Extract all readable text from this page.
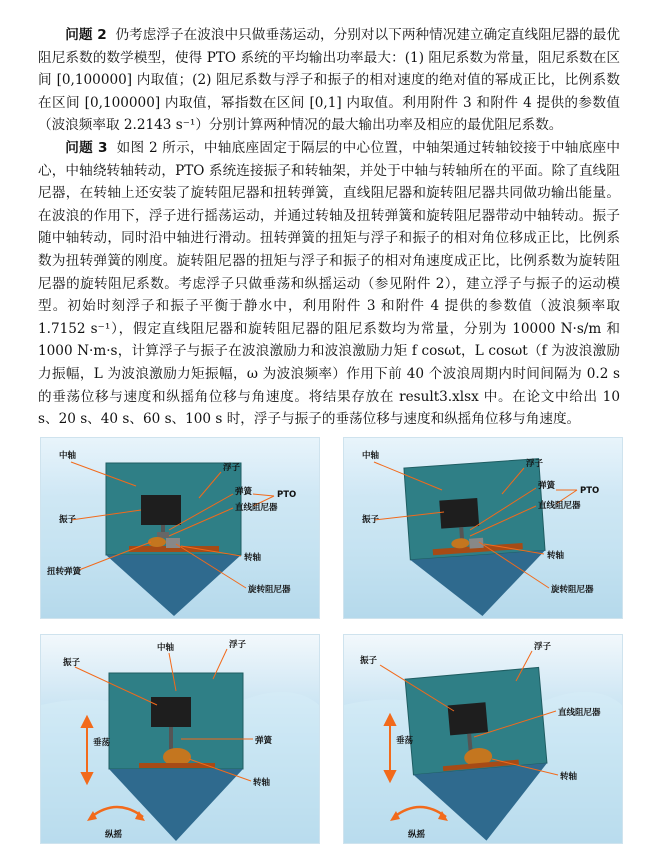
问题 2 仍考虑浮子在波浪中只做垂荡运动，分别对以下两种情况建立确定直线阻尼器的最优阻尼系数的数学模型，使得 PTO 系统的平均输出功率最大：(1) 阻尼系数为常量，阻尼系数在区间 [0,100000] 内取值；(2) 阻尼系数与浮子和振子的相对速度的绝对值的幂成正比，比例系数在区间 [0,100000] 内取值，幂指数在区间 [0,1] 内取值。利用附件 3 和附件 4 提供的参数值（波浪频率取 2.2143 s⁻¹）分别计算两种情况的最大输出功率及相应的最优阻尼系数。

问题 3 如图 2 所示，中轴底座固定于隔层的中心位置，中轴架通过转轴铰接于中轴底座中心，中轴绕转轴转动，PTO 系统连接振子和转轴架，并处于中轴与转轴所在的平面。除了直线阻尼器，在转轴上还安装了旋转阻尼器和扭转弹簧，直线阻尼器和旋转阻尼器共同做功输出能量。在波浪的作用下，浮子进行摇荡运动，并通过转轴及扭转弹簧和旋转阻尼器带动中轴转动。振子随中轴转动，同时沿中轴进行滑动。扭转弹簧的扭矩与浮子和振子的相对角位移成正比，比例系数为扭转弹簧的刚度。旋转阻尼器的扭矩与浮子和振子的相对角速度成正比，比例系数为旋转阻尼器的旋转阻尼系数。考虑浮子只做垂荡和纵摇运动（参见附件 2），建立浮子与振子的运动模型。初始时刻浮子和振子平衡于静水中，利用附件 3 和附件 4 提供的参数值（波浪频率取 1.7152 s⁻¹），假定直线阻尼器和旋转阻尼器的阻尼系数均为常量，分别为 10000 N·s/m 和 1000 N·m·s，计算浮子与振子在波浪激励力和波浪激励力矩 f cosωt，L cosωt（f 为波浪激励力振幅，L 为波浪激励力矩振幅，ω 为波浪频率）作用下前 40 个波浪周期内时间间隔为 0.2 s 的垂荡位移与速度和纵摇角位移与角速度。将结果存放在 result3.xlsx 中。在论文中给出 10 s、20 s、40 s、60 s、100 s 时，浮子与振子的垂荡位移与速度和纵摇角位移与角速度。

中轴
浮子
振子
弹簧	PTO
直线阻尼器
扭转弹簧
转轴
旋转阻尼器
中轴
浮子
振子
弹簧	PTO
直线阻尼器
转轴
旋转阻尼器
中轴	浮子
振子
弹簧
转轴
垂荡
纵摇
振子
浮子
直线阻尼器
转轴
垂荡
纵摇
